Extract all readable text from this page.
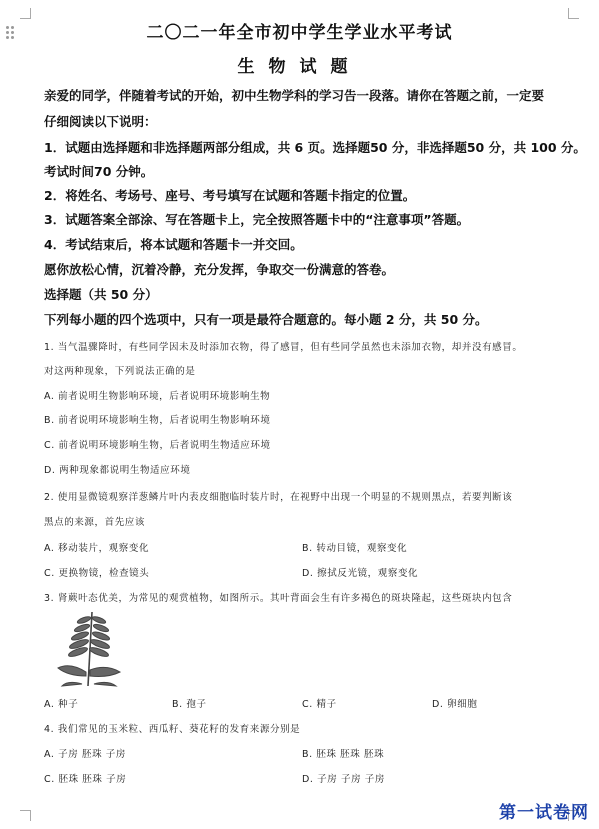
二〇二一年全市初中学生学业水平考试
生物试题
亲爱的同学，伴随着考试的开始，初中生物学科的学习告一段落。请你在答题之前，一定要
仔细阅读以下说明：
1．试题由选择题和非选择题两部分组成，共 6 页。选择题50 分，非选择题50 分，共 100 分。
考试时间70 分钟。
2．将姓名、考场号、座号、考号填写在试题和答题卡指定的位置。
3．试题答案全部涂、写在答题卡上，完全按照答题卡中的“注意事项”答题。
4．考试结束后，将本试题和答题卡一并交回。
愿你放松心情，沉着冷静，充分发挥，争取交一份满意的答卷。
选择题（共 50 分）
下列每小题的四个选项中，只有一项是最符合题意的。每小题 2 分，共 50 分。
1. 当气温骤降时，有些同学因未及时添加衣物，得了感冒，但有些同学虽然也未添加衣物，却并没有感冒。
对这两种现象，下列说法正确的是
A. 前者说明生物影响环境，后者说明环境影响生物
B. 前者说明环境影响生物，后者说明生物影响环境
C. 前者说明环境影响生物，后者说明生物适应环境
D. 两种现象都说明生物适应环境
2. 使用显微镜观察洋葱鳞片叶内表皮细胞临时装片时，在视野中出现一个明显的不规则黑点，若要判断该
黑点的来源，首先应该
A. 移动装片，观察变化	B. 转动目镜，观察变化
C. 更换物镜，检查镜头	D. 擦拭反光镜，观察变化
3. 肾蕨叶态优美，为常见的观赏植物，如图所示。其叶背面会生有许多褐色的斑块隆起，这些斑块内包含
A. 种子	B. 孢子	C. 精子	D. 卵细胞
4. 我们常见的玉米粒、西瓜籽、葵花籽的发育来源分别是
A. 子房 胚珠 子房	B. 胚珠 胚珠 胚珠
C. 胚珠 胚珠 子房	D. 子房 子房 子房
第一试卷网
